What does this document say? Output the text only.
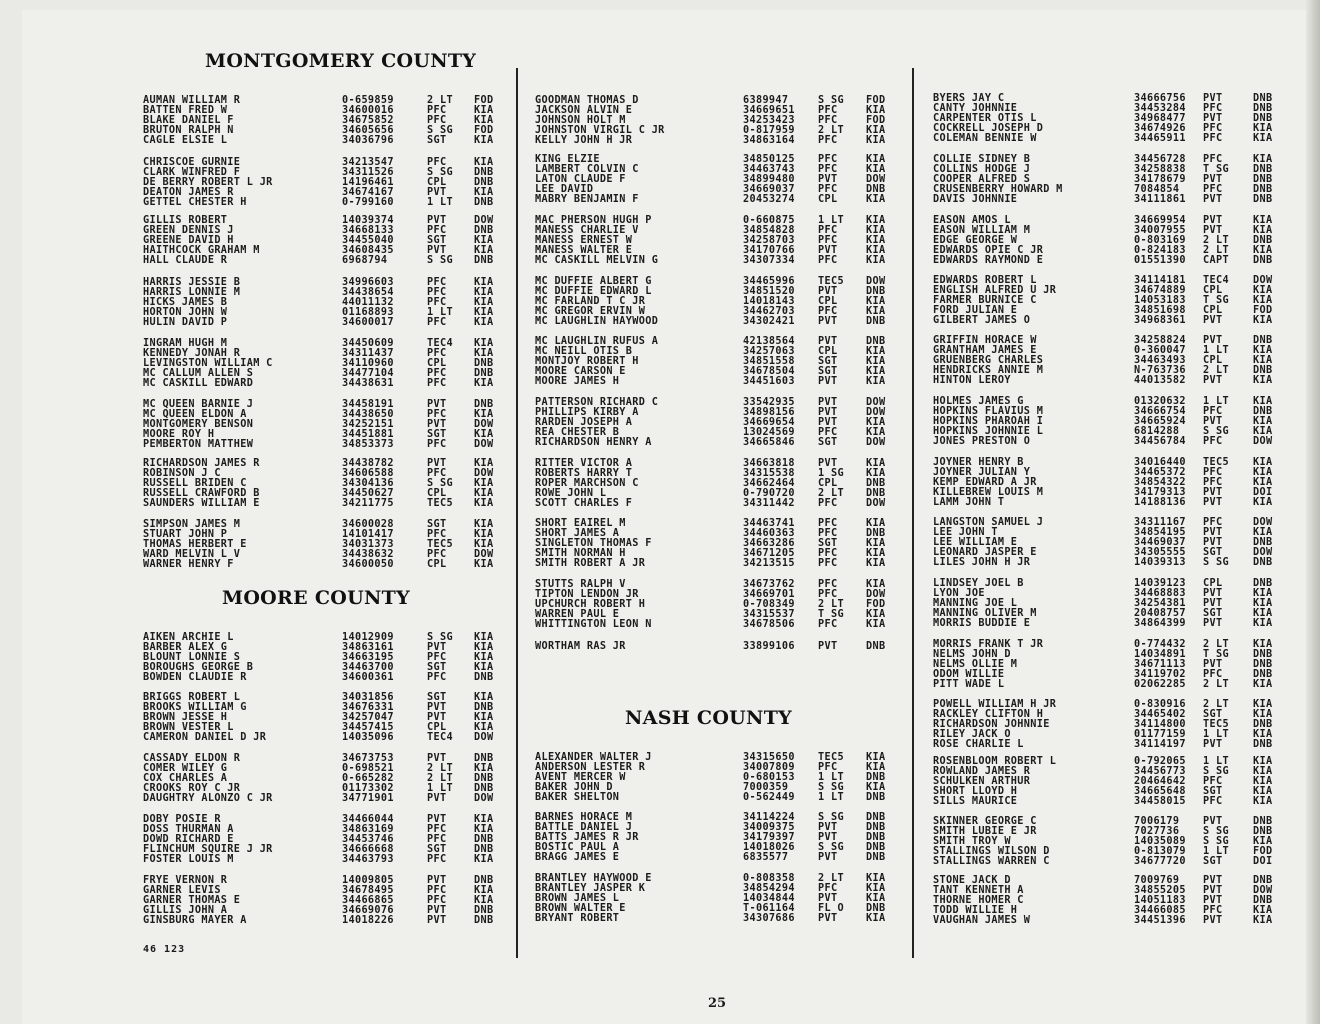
MONTGOMERY COUNTY
AUMAN WILLIAM R	0-659859	2 LT FOD
BATTEN FRED W	34600016	PFC	KIA
BLAKE DANIEL F	34675852	PFC	KIA
BRUTON RALPH N	34605656	S SG FOD
CAGLE ELSIE L	34036796	SGT	KIA
CHRISCOE GURNIE	34213547	PFC	KIA
CLARK WINFRED F	34311526	S SG DNB
DE BERRY ROBERT L JR	14196461	CPL	DNB
DEATON JAMES R	34674167	PVT	KIA
GETTEL CHESTER H	0-799160	1 LT DNB
GILLIS ROBERT	14039374	PVT	DOW
GREEN DENNIS J	34668133	PFC	DNB
GREENE DAVID H	34455040	SGT	KIA
HAITHCOCK GRAHAM M	34608435	PVT	KIA
HALL CLAUDE R	6968794	S SG DNB
HARRIS JESSIE B	34996603	PFC	KIA
HARRIS LONNIE M	34438654	PFC	KIA
HICKS JAMES B	44011132	PFC	KIA
HORTON JOHN W	01168893	1 LT KIA
HULIN DAVID P	34600017	PFC	KIA
INGRAM HUGH M	34450609	TEC4 KIA
KENNEDY JONAH R	34311437	PFC	KIA
LEVINGSTON WILLIAM C	34110960	CPL	DNB
MC CALLUM ALLEN S	34477104	PFC	DNB
MC CASKILL EDWARD	34438631	PFC	KIA
MC QUEEN BARNIE J	34458191	PVT	DNB
MC QUEEN ELDON A	34438650	PFC	KIA
MONTGOMERY BENSON	34252151	PVT	DOW
MOORE ROY H	34451881	SGT	KIA
PEMBERTON MATTHEW	34853373	PFC	DOW
RICHARDSON JAMES R	34438782	PVT	KIA
ROBINSON J C	34606588	PFC	DOW
RUSSELL BRIDEN C	34304136	S SG KIA
RUSSELL CRAWFORD B	34450627	CPL	KIA
SAUNDERS WILLIAM E	34211775	TEC5 KIA
SIMPSON JAMES M	34600028	SGT	KIA
STUART JOHN P	14101417	PFC	KIA
THOMAS HERBERT E	34031373	TEC5 KIA
WARD MELVIN L V	34438632	PFC	DOW
WARNER HENRY F	34600050	CPL	KIA
MOORE COUNTY
AIKEN ARCHIE L	14012909	S SG KIA
BARBER ALEX G	34863161	PVT	KIA
BLOUNT LONNIE S	34663195	PFC	KIA
BOROUGHS GEORGE B	34463700	SGT	KIA
BOWDEN CLAUDIE R	34600361	PFC	DNB
BRIGGS ROBERT L	34031856	SGT	KIA
BROOKS WILLIAM G	34676331	PVT	DNB
BROWN JESSE H	34257047	PVT	KIA
BROWN VESTER L	34457415	CPL	KIA
CAMERON DANIEL D JR	14035096	TEC4 DOW
CASSADY ELDON R	34673753	PVT	DNB
COMER WILEY G	0-698521	2 LT KIA
COX CHARLES A	0-665282	2 LT DNB
CROOKS ROY C JR	01173302	1 LT DNB
DAUGHTRY ALONZO C JR	34771901	PVT	DOW
DOBY POSIE R	34466044	PVT	KIA
DOSS THURMAN A	34863169	PFC	KIA
DOWD RICHARD E	34453746	PFC	DNB
FLINCHUM SQUIRE J JR	34666668	SGT	DNB
FOSTER LOUIS M	34463793	PFC	KIA
FRYE VERNON R	14009805	PVT	DNB
GARNER LEVIS	34678495	PFC	KIA
GARNER THOMAS E	34466865	PFC	KIA
GILLIS JOHN A	34669076	PVT	DNB
GINSBURG MAYER A	14018226	PVT	DNB
GOODMAN THOMAS D	6389947	S SG FOD
JACKSON ALVIN E	34669651 PFC	KIA
JOHNSON HOLT M	34253423 PFC	FOD
JOHNSTON VIRGIL C JR	0-817959 2 LT KIA
KELLY JOHN H JR	34863164 PFC	KIA
KING ELZIE	34850125 PFC	KIA
LAMBERT COLVIN C	34463743 PFC	KIA
LATON CLAUDE F	34899480 PVT	DOW
LEE DAVID	34669037 PFC	DNB
MABRY BENJAMIN F	20453274 CPL	KIA
MAC PHERSON HUGH P	0-660875 1 LT KIA
MANESS CHARLIE V	34854828 PFC	KIA
MANESS ERNEST W	34258703 PFC	KIA
MANESS WALTER E	34170766 PVT	KIA
MC CASKILL MELVIN G	34307334 PFC	KIA
MC DUFFIE ALBERT G	34465996 TEC5 DOW
MC DUFFIE EDWARD L	34851520 PVT	DNB
MC FARLAND T C JR	14018143 CPL	KIA
MC GREGOR ERVIN W	34462703 PFC	KIA
MC LAUGHLIN HAYWOOD	34302421 PVT	DNB
MC LAUGHLIN RUFUS A	42138564 PVT	DNB
MC NEILL OTIS B	34257063 CPL	KIA
MONTJOY ROBERT H	34851558 SGT	KIA
MOORE CARSON E	34678504 SGT	KIA
MOORE JAMES H	34451603 PVT	KIA
PATTERSON RICHARD C	33542935 PVT	DOW
PHILLIPS KIRBY A	34898156 PVT	DOW
RARDEN JOSEPH A	34669654 PVT	KIA
REA CHESTER B	13024569 PFC	KIA
RICHARDSON HENRY A	34665846 SGT	DOW
RITTER VICTOR A	34663818 PVT	KIA
ROBERTS HARRY T	34315538 1 SG KIA
ROPER MARCHSON C	34662464 CPL	DNB
ROWE JOHN L	0-790720 2 LT DNB
SCOTT CHARLES F	34311442 PFC	DOW
SHORT EAIREL M	34463741 PFC	KIA
SHORT JAMES A	34460363 PFC	DNB
SINGLETON THOMAS F	34663286 SGT	KIA
SMITH NORMAN H	34671205 PFC	KIA
SMITH ROBERT A JR	34213515 PFC	KIA
STUTTS RALPH V	34673762 PFC	KIA
TIPTON LENDON JR	34669701 PFC	DOW
UPCHURCH ROBERT H	0-708349 2 LT FOD
WARREN PAUL E	34315537 T SG KIA
WHITTINGTON LEON N	34678506 PFC	KIA
WORTHAM RAS JR	33899106 PVT	DNB
NASH COUNTY
ALEXANDER WALTER J	34315650 TEC5 KIA
ANDERSON LESTER R	34007809 PFC	KIA
AVENT MERCER W	0-680153 1 LT DNB
BAKER JOHN D	7000359	S SG KIA
BAKER SHELTON	0-562449 1 LT DNB
BARNES HORACE M	34114224 S SG DNB
BATTLE DANIEL J	34009375 PVT	DNB
BATTS JAMES R JR	34179397 PVT	DNB
BOSTIC PAUL A	14018026 S SG DNB
BRAGG JAMES E	6835577	PVT	DNB
BRANTLEY HAYWOOD E	0-808358 2 LT KIA
BRANTLEY JASPER K	34854294 PFC	KIA
BROWN JAMES L	14034844 PVT	KIA
BROWN WALTER E	T-061164 FL O DNB
BRYANT ROBERT	34307686 PVT	KIA
BYERS JAY C	34666756 PVT	DNB
CANTY JOHNNIE	34453284 PFC	DNB
CARPENTER OTIS L	34968477 PVT	DNB
COCKRELL JOSEPH D	34674926 PFC	KIA
COLEMAN BENNIE W	34465911 PFC	KIA
COLLIE SIDNEY B	34456728 PFC	KIA
COLLINS HODGE J	34258838 T SG DNB
COOPER ALFRED S	34178679 PVT	DNB
CRUSENBERRY HOWARD M	7084854 PFC	DNB
DAVIS JOHNNIE	34111861 PVT	DNB
EASON AMOS L	34669954 PVT	KIA
EASON WILLIAM M	34007955 PVT	KIA
EDGE GEORGE W	0-803169 2 LT DNB
EDWARDS OPIE C JR	0-824183 2 LT KIA
EDWARDS RAYMOND E	01551390 CAPT DNB
EDWARDS ROBERT L	34114181 TEC4 DOW
ENGLISH ALFRED U JR	34674889 CPL	KIA
FARMER BURNICE C	14053183 T SG KIA
FORD JULIAN E	34851698 CPL	FOD
GILBERT JAMES O	34968361 PVT	KIA
GRIFFIN HORACE W	34258824 PVT	DNB
GRANTHAM JAMES E	0-360047 1 LT KIA
GRUENBERG CHARLES	34463493 CPL	KIA
HENDRICKS ANNIE M	N-763736 2 LT DNB
HINTON LEROY	44013582 PVT	KIA
HOLMES JAMES G	01320632 1 LT KIA
HOPKINS FLAVIUS M	34666754 PFC	DNB
HOPKINS PHAROAH I	34665924 PVT	KIA
HOPKINS JOHNNIE L	6814288 S SG KIA
JONES PRESTON O	34456784 PFC	DOW
JOYNER HENRY B	34016440 TEC5 KIA
JOYNER JULIAN Y	34465372 PFC	KIA
KEMP EDWARD A JR	34854322 PFC	KIA
KILLEBREW LOUIS M	34179313 PVT	DOI
LAMM JOHN T	14188136 PVT	KIA
LANGSTON SAMUEL J	34311167 PFC	DOW
LEE JOHN T	34854195 PVT	KIA
LEE WILLIAM E	34469037 PVT	DNB
LEONARD JASPER E	34305555 SGT	DOW
LILES JOHN H JR	14039313 S SG DNB
LINDSEY JOEL B	14039123 CPL	DNB
LYON JOE	34468883 PVT	KIA
MANNING JOE L	34254381 PVT	KIA
MANNING OLIVER M	20408757 SGT	KIA
MORRIS BUDDIE E	34864399 PVT	KIA
MORRIS FRANK T JR	0-774432 2 LT KIA
NELMS JOHN D	14034891 T SG DNB
NELMS OLLIE M	34671113 PVT	DNB
ODOM WILLIE	34119702 PFC	DNB
PITT WADE L	02062285 2 LT KIA
POWELL WILLIAM H JR	0-830916 2 LT KIA
RACKLEY CLIFTON H	34465402 SGT	KIA
RICHARDSON JOHNNIE	34114800 TEC5 DNB
RILEY JACK O	01177159 1 LT KIA
ROSE CHARLIE L	34114197 PVT	DNB
ROSENBLOOM ROBERT L	0-792065 1 LT KIA
ROWLAND JAMES R	34456773 S SG KIA
SCHULKEN ARTHUR	20464642 PFC	KIA
SHORT LLOYD H	34665648 SGT	KIA
SILLS MAURICE	34458015 PFC	KIA
SKINNER GEORGE C	7006179 PVT	DNB
SMITH LUBIE E JR	7027736 S SG DNB
SMITH TROY W	14035089 S SG KIA
STALLINGS WILSON D	0-813079 1 LT FOD
STALLINGS WARREN C	34677720 SGT	DOI
STONE JACK D	7009769 PVT	DNB
TANT KENNETH A	34855205 PVT	DOW
THORNE HOMER C	14051183 PVT	DNB
TODD WILLIE H	34466085 PFC	KIA
VAUGHAN JAMES W	34451396 PVT	KIA
46 123
25
